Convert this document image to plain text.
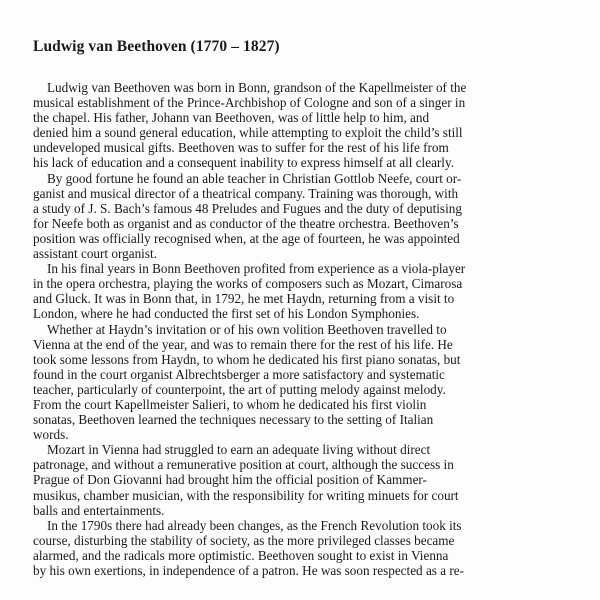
Ludwig van Beethoven (1770 – 1827)
Ludwig van Beethoven was born in Bonn, grandson of the Kapellmeister of the
musical establishment of the Prince-Archbishop of Cologne and son of a singer in
the chapel. His father, Johann van Beethoven, was of little help to him, and
denied him a sound general education, while attempting to exploit the child’s still
undeveloped musical gifts. Beethoven was to suffer for the rest of his life from
his lack of education and a consequent inability to express himself at all clearly.
By good fortune he found an able teacher in Christian Gottlob Neefe, court or-
ganist and musical director of a theatrical company. Training was thorough, with
a study of J. S. Bach’s famous 48 Preludes and Fugues and the duty of deputising
for Neefe both as organist and as conductor of the theatre orchestra. Beethoven’s
position was officially recognised when, at the age of fourteen, he was appointed
assistant court organist.
In his final years in Bonn Beethoven profited from experience as a viola-player
in the opera orchestra, playing the works of composers such as Mozart, Cimarosa
and Gluck. It was in Bonn that, in 1792, he met Haydn, returning from a visit to
London, where he had conducted the first set of his London Symphonies.
Whether at Haydn’s invitation or of his own volition Beethoven travelled to
Vienna at the end of the year, and was to remain there for the rest of his life. He
took some lessons from Haydn, to whom he dedicated his first piano sonatas, but
found in the court organist Albrechtsberger a more satisfactory and systematic
teacher, particularly of counterpoint, the art of putting melody against melody.
From the court Kapellmeister Salieri, to whom he dedicated his first violin
sonatas, Beethoven learned the techniques necessary to the setting of Italian
words.
Mozart in Vienna had struggled to earn an adequate living without direct
patronage, and without a remunerative position at court, although the success in
Prague of Don Giovanni had brought him the official position of Kammer-
musikus, chamber musician, with the responsibility for writing minuets for court
balls and entertainments.
In the 1790s there had already been changes, as the French Revolution took its
course, disturbing the stability of society, as the more privileged classes became
alarmed, and the radicals more optimistic. Beethoven sought to exist in Vienna
by his own exertions, in independence of a patron. He was soon respected as a re-
